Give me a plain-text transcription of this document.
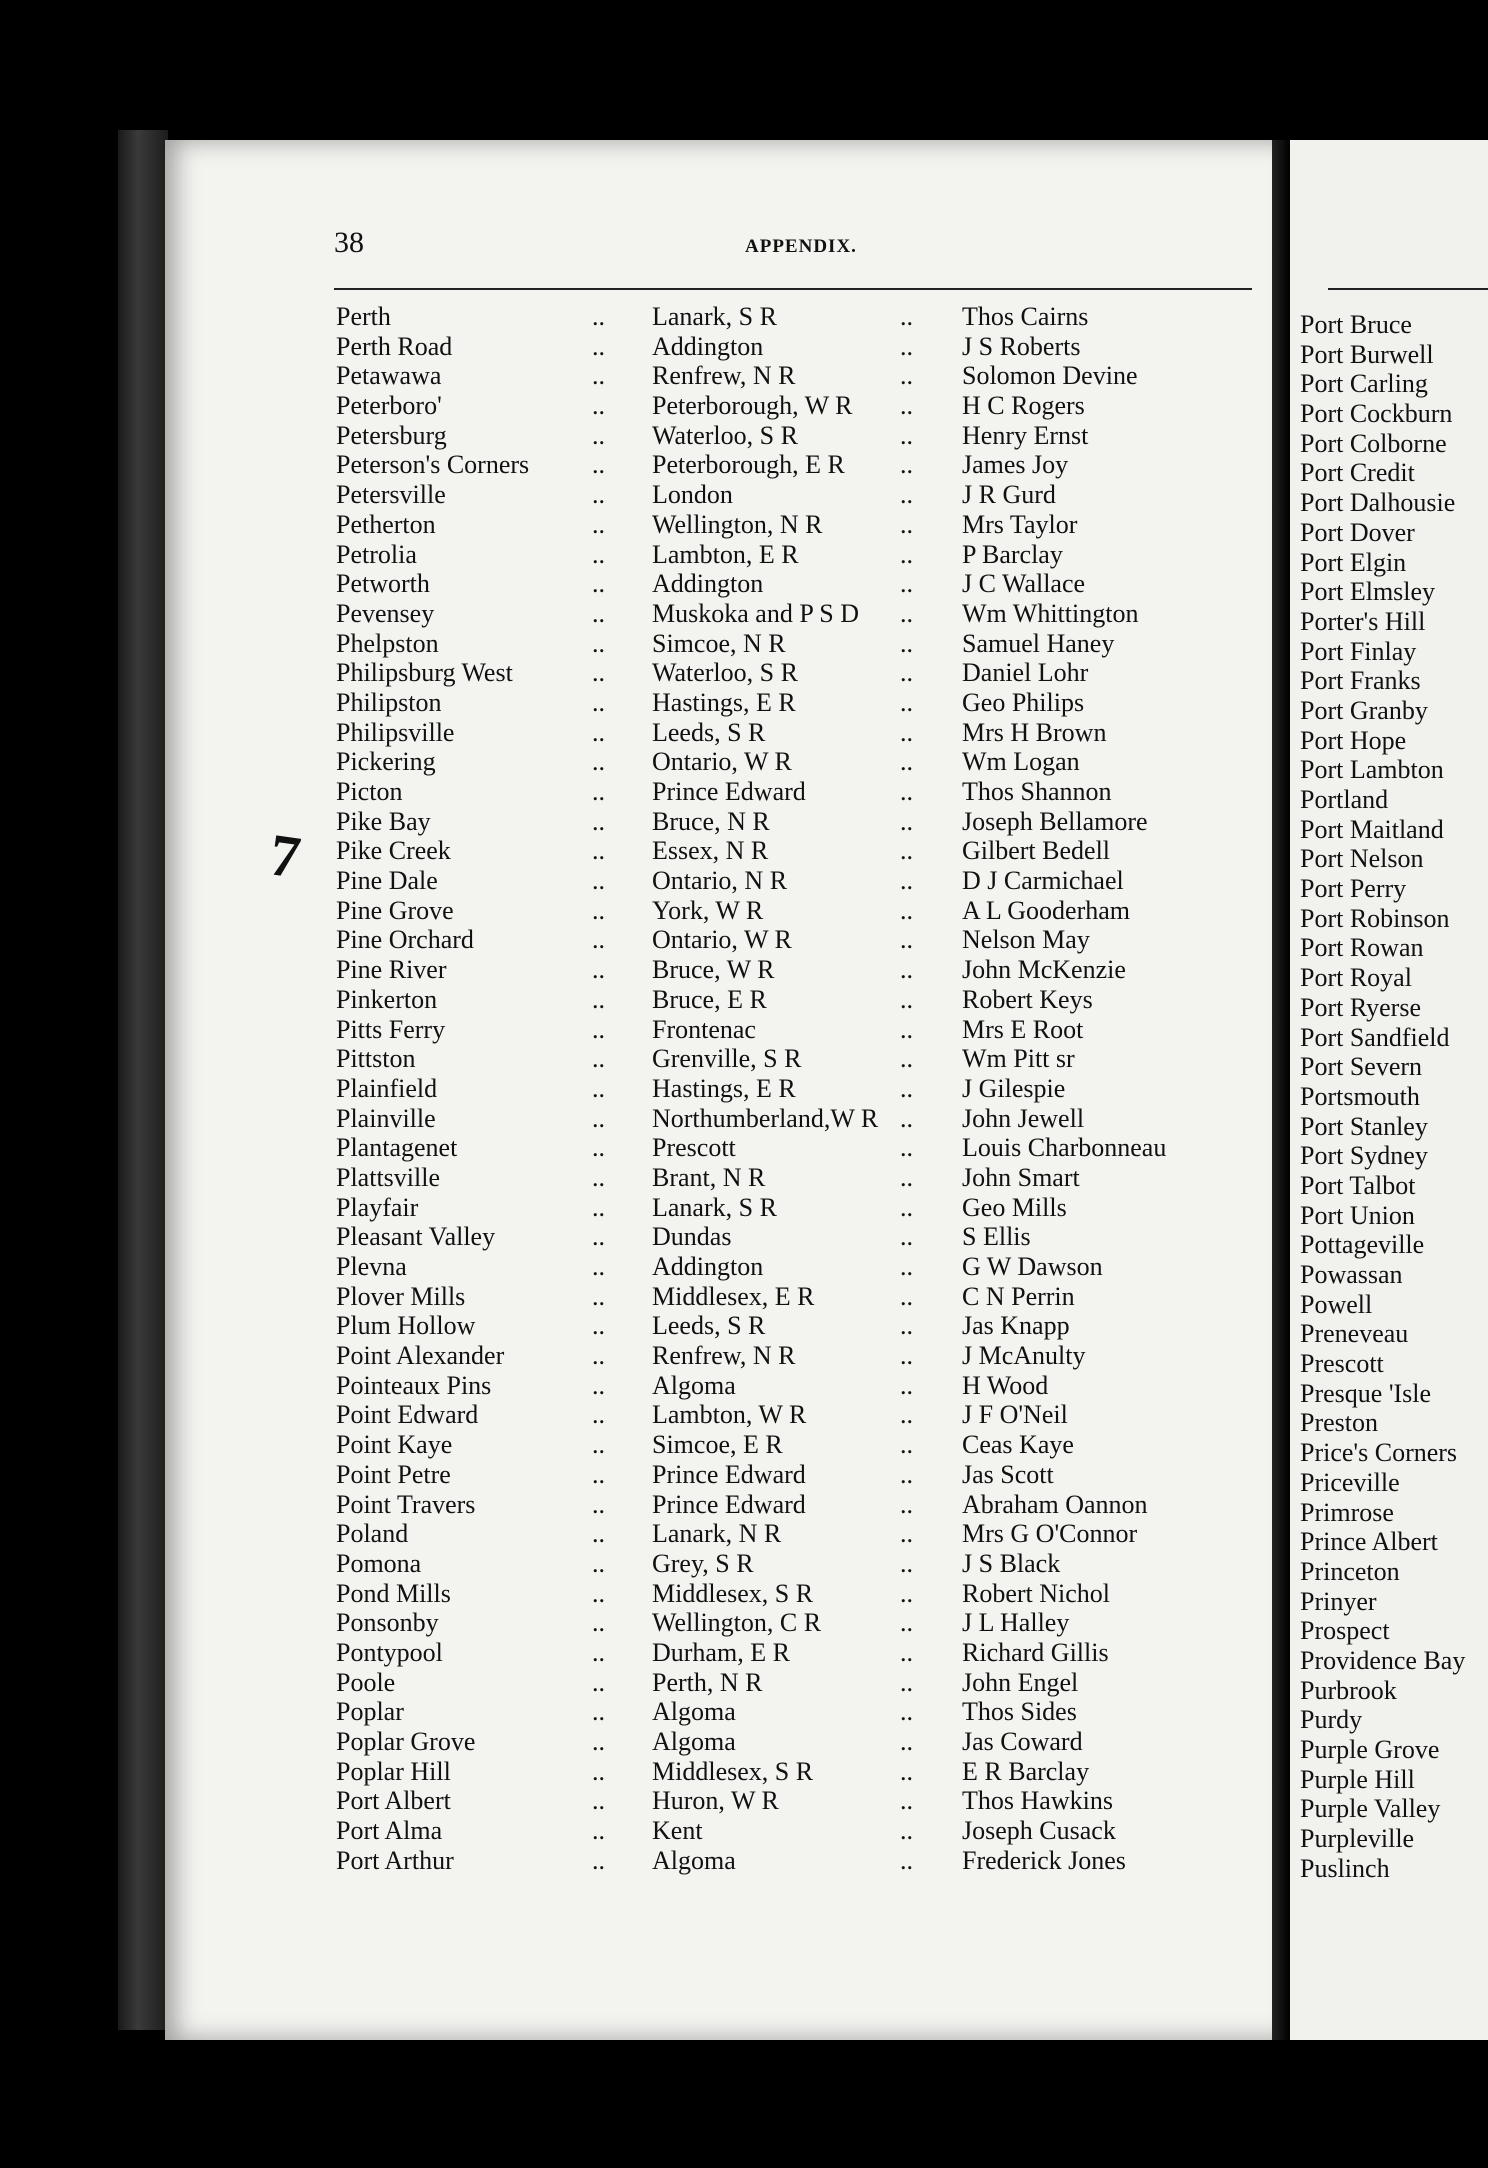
38	APPENDIX.
7
Perth	.. Lanark, S R	.. Thos Cairns
Perth Road	.. Addington	.. J S Roberts
Petawawa	.. Renfrew, N R	.. Solomon Devine
Peterboro'	.. Peterborough, W R .. H C Rogers
Petersburg	.. Waterloo, S R	.. Henry Ernst
Peterson's Corners .. Peterborough, E R .. James Joy
Petersville	.. London	.. J R Gurd
Petherton	.. Wellington, N R	.. Mrs Taylor
Petrolia	.. Lambton, E R	.. P Barclay
Petworth	.. Addington	.. J C Wallace
Pevensey	.. Muskoka and P S D .. Wm Whittington
Phelpston	.. Simcoe, N R	.. Samuel Haney
Philipsburg West	.. Waterloo, S R	.. Daniel Lohr
Philipston	.. Hastings, E R	.. Geo Philips
Philipsville	.. Leeds, S R	.. Mrs H Brown
Pickering	.. Ontario, W R	.. Wm Logan
Picton	.. Prince Edward	.. Thos Shannon
Pike Bay	.. Bruce, N R	.. Joseph Bellamore
Pike Creek	.. Essex, N R	.. Gilbert Bedell
Pine Dale	.. Ontario, N R	.. D J Carmichael
Pine Grove	.. York, W R	.. A L Gooderham
Pine Orchard	.. Ontario, W R	.. Nelson May
Pine River	.. Bruce, W R	.. John McKenzie
Pinkerton	.. Bruce, E R	.. Robert Keys
Pitts Ferry	.. Frontenac	.. Mrs E Root
Pittston	.. Grenville, S R	.. Wm Pitt sr
Plainfield	.. Hastings, E R	.. J Gilespie
Plainville	.. Northumberland,W R .. John Jewell
Plantagenet	.. Prescott	.. Louis Charbonneau
Plattsville	.. Brant, N R	.. John Smart
Playfair	.. Lanark, S R	.. Geo Mills
Pleasant Valley	.. Dundas	.. S Ellis
Plevna	.. Addington	.. G W Dawson
Plover Mills	.. Middlesex, E R	.. C N Perrin
Plum Hollow	.. Leeds, S R	.. Jas Knapp
Point Alexander	.. Renfrew, N R	.. J McAnulty
Pointeaux Pins	.. Algoma	.. H Wood
Point Edward	.. Lambton, W R	.. J F O'Neil
Point Kaye	.. Simcoe, E R	.. Ceas Kaye
Point Petre	.. Prince Edward	.. Jas Scott
Point Travers	.. Prince Edward	.. Abraham Oannon
Poland	.. Lanark, N R	.. Mrs G O'Connor
Pomona	.. Grey, S R	.. J S Black
Pond Mills	.. Middlesex, S R	.. Robert Nichol
Ponsonby	.. Wellington, C R	.. J L Halley
Pontypool	.. Durham, E R	.. Richard Gillis
Poole	.. Perth, N R	.. John Engel
Poplar	.. Algoma	.. Thos Sides
Poplar Grove	.. Algoma	.. Jas Coward
Poplar Hill	.. Middlesex, S R	.. E R Barclay
Port Albert	.. Huron, W R	.. Thos Hawkins
Port Alma	.. Kent	.. Joseph Cusack
Port Arthur	.. Algoma	.. Frederick Jones
Port Bruce
Port Burwell
Port Carling
Port Cockburn
Port Colborne
Port Credit
Port Dalhousie
Port Dover
Port Elgin
Port Elmsley
Porter's Hill
Port Finlay
Port Franks
Port Granby
Port Hope
Port Lambton
Portland
Port Maitland
Port Nelson
Port Perry
Port Robinson
Port Rowan
Port Royal
Port Ryerse
Port Sandfield
Port Severn
Portsmouth
Port Stanley
Port Sydney
Port Talbot
Port Union
Pottageville
Powassan
Powell
Preneveau
Prescott
Presque 'Isle
Preston
Price's Corners
Priceville
Primrose
Prince Albert
Princeton
Prinyer
Prospect
Providence Bay
Purbrook
Purdy
Purple Grove
Purple Hill
Purple Valley
Purpleville
Puslinch
